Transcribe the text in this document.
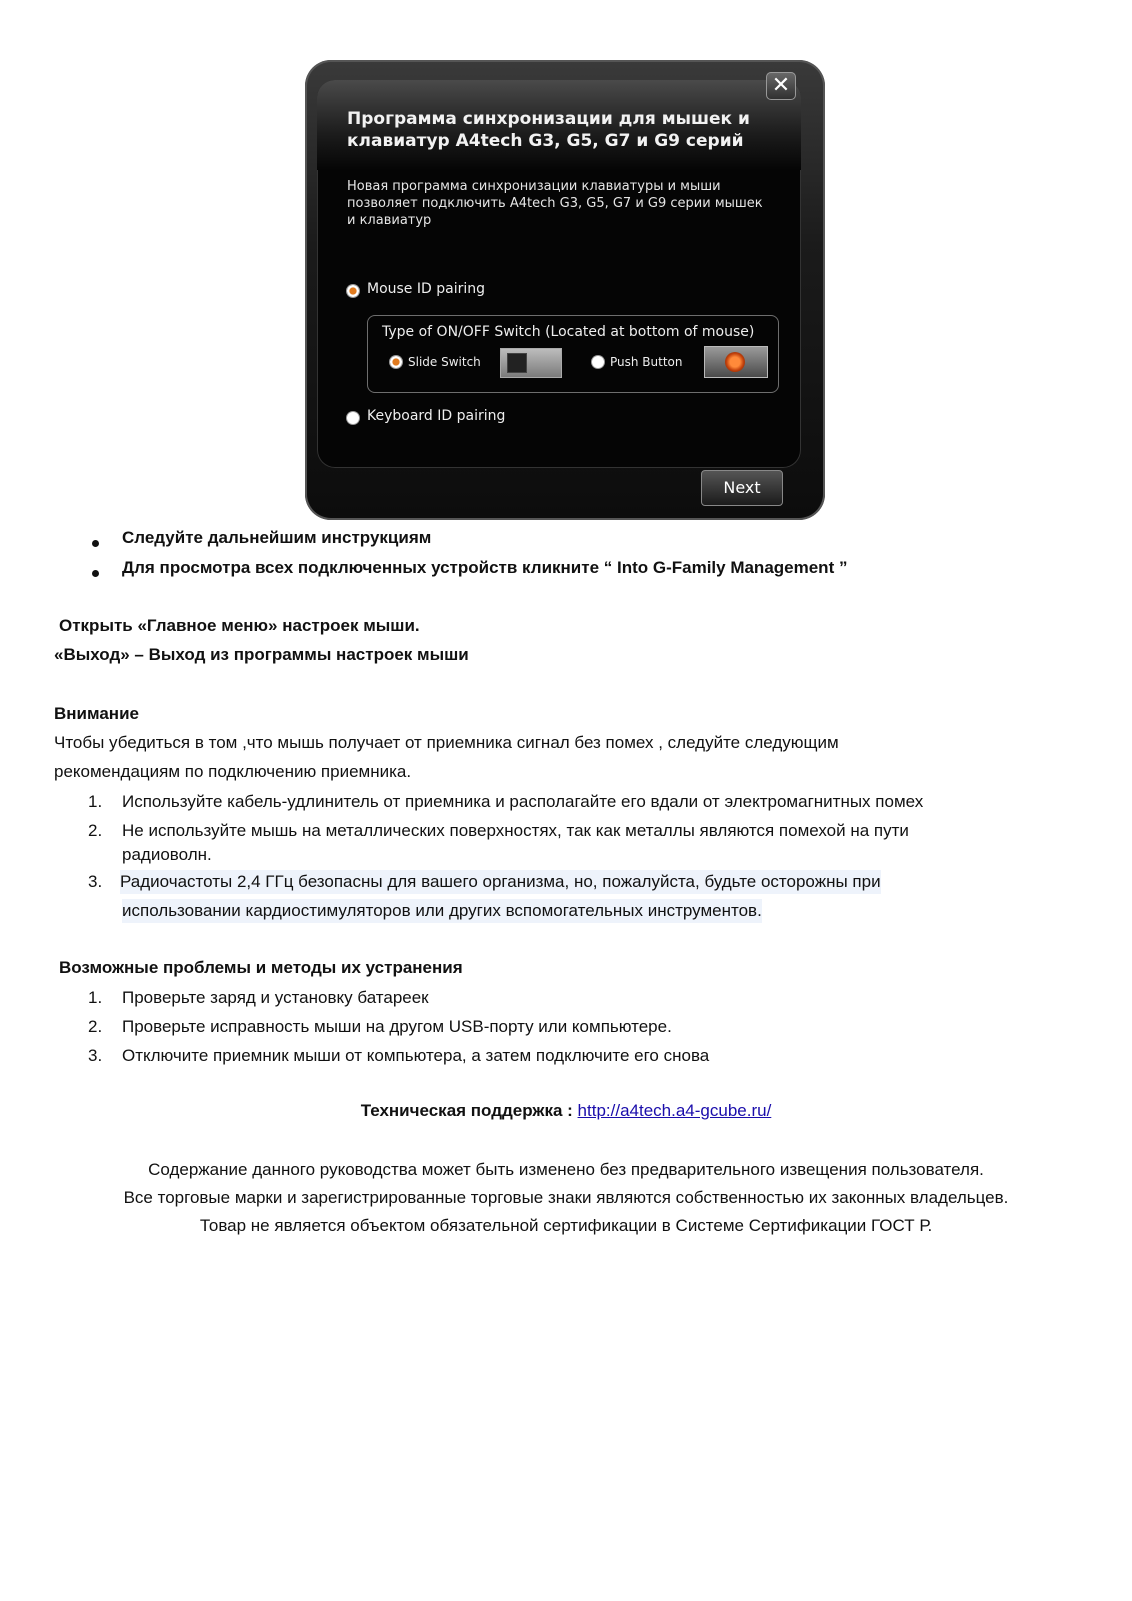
Программа синхронизации для мышек и клавиатур A4tech G3, G5, G7 и G9 серий
Новая программа синхронизации клавиатуры и мыши позволяет подключить A4tech G3, G5, G7 и G9 серии мышек и клавиатур
Mouse ID pairing
Type of ON/OFF Switch (Located at bottom of mouse)
Slide Switch	Push Button
Keyboard ID pairing
✕
Next
Следуйте дальнейшим инструкциям
Для просмотра всех подключенных устройств кликните “ Into G-Family Management ”
Открыть «Главное меню» настроек мыши.
«Выход» – Выход из программы настроек мыши
Внимание
Чтобы убедиться в том ,что мышь получает от приемника сигнал без помех , следуйте следующим
рекомендациям по подключению приемника.
1. Используйте кабель-удлинитель от приемника и располагайте его вдали от электромагнитных помех
2. Не используйте мышь на металлических поверхностях, так как металлы являются помехой на пути
радиоволн.
3. Радиочастоты 2,4 ГГц безопасны для вашего организма, но, пожалуйста, будьте осторожны при
использовании кардиостимуляторов или других вспомогательных инструментов.
Возможные проблемы и методы их устранения
1. Проверьте заряд и установку батареек
2. Проверьте исправность мыши на другом USB-порту или компьютере.
3. Отключите приемник мыши от компьютера, а затем подключите его снова
Техническая поддержка : http://a4tech.a4-gcube.ru/
Содержание данного руководства может быть изменено без предварительного извещения пользователя.
Все торговые марки и зарегистрированные торговые знаки являются собственностью их законных владельцев.
Товар не является объектом обязательной сертификации в Системе Сертификации ГОСТ Р.
